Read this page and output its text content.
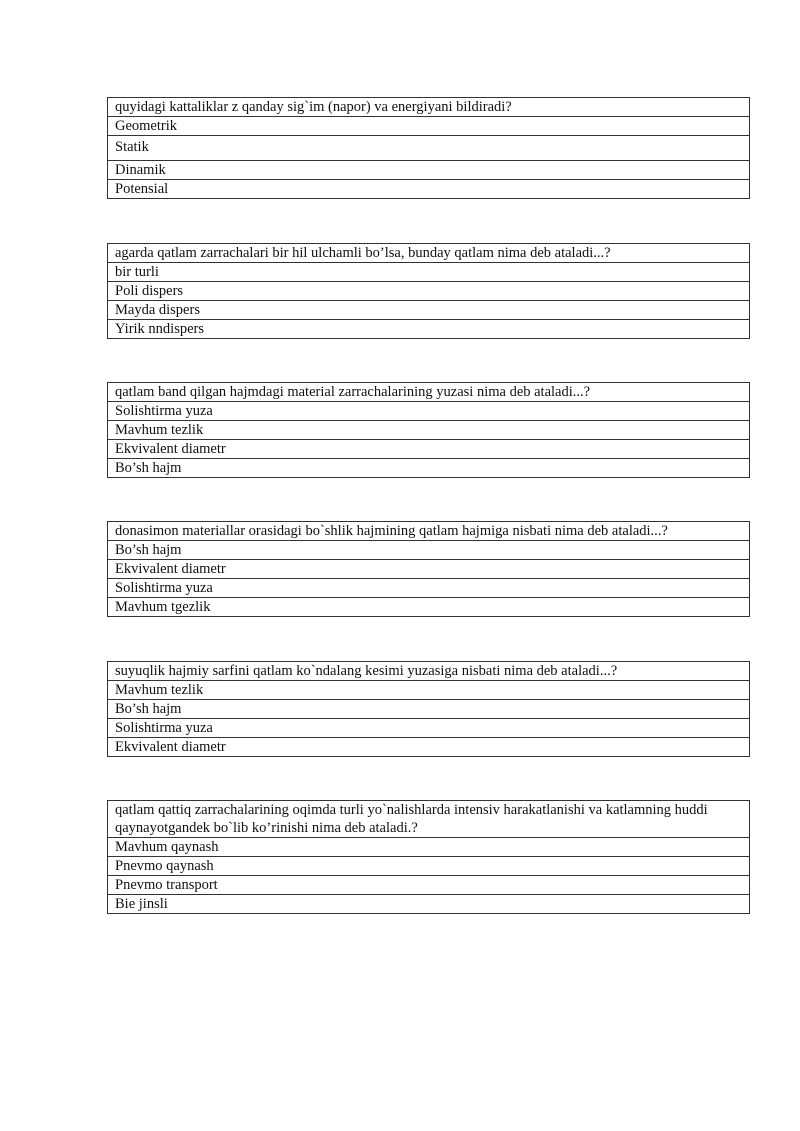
quyidagi kattaliklar z qanday sig`im (napor) va energiyani bildiradi?
Geometrik
Statik
Dinamik
Potensial
agarda qatlam zarrachalari bir hil ulchamli bo’lsa, bunday qatlam nima deb ataladi...?
bir turli
Poli dispers
Mayda dispers
Yirik nndispers
qatlam band qilgan hajmdagi material zarrachalarining yuzasi nima deb ataladi...?
Solishtirma yuza
Mavhum tezlik
Ekvivalent diametr
Bo’sh hajm
donasimon materiallar orasidagi bo`shlik hajmining qatlam hajmiga nisbati nima deb ataladi...?
Bo’sh hajm
Ekvivalent diametr
Solishtirma yuza
Mavhum tgezlik
suyuqlik hajmiy sarfini qatlam ko`ndalang kesimi yuzasiga nisbati nima deb ataladi...?
Mavhum tezlik
Bo’sh hajm
Solishtirma yuza
Ekvivalent diametr
qatlam qattiq zarrachalarining oqimda turli yo`nalishlarda intensiv harakatlanishi va katlamning huddi qaynayotgandek bo`lib ko’rinishi nima deb ataladi.?
Mavhum qaynash
Pnevmo qaynash
Pnevmo transport
Bie jinsli
